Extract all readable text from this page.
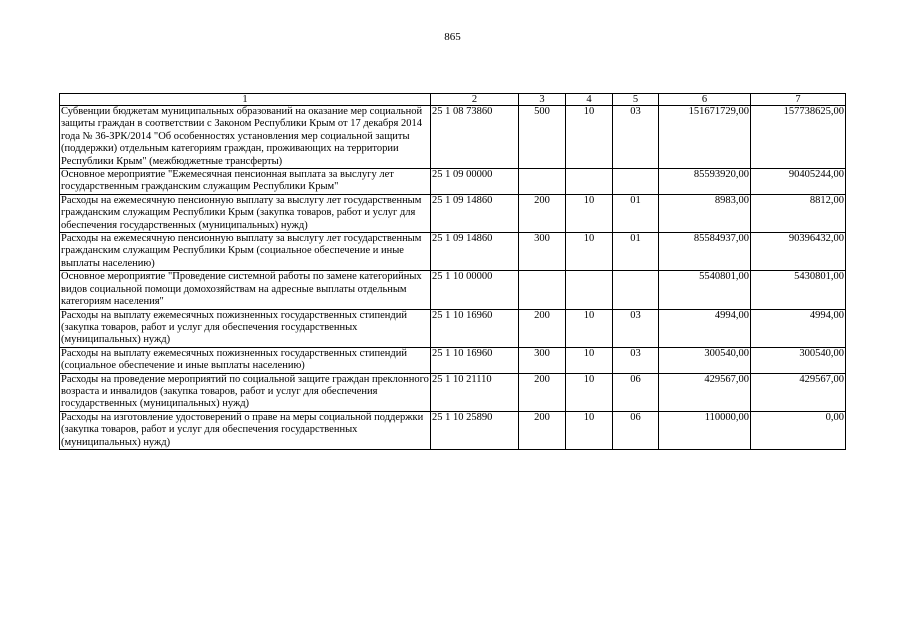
865
1	2	3	4	5	6	7
Субвенции бюджетам муниципальных образований на оказание мер социальной защиты граждан в соответствии с Законом Республики Крым от 17 декабря 2014 года № 36-ЗРК/2014 "Об особенностях установления мер социальной защиты (поддержки) отдельным категориям граждан, проживающих на территории Республики Крым" (межбюджетные трансферты)	25 1 08 73860	500	10	03	151671729,00	157738625,00
Основное мероприятие "Ежемесячная пенсионная выплата за выслугу лет государственным гражданским служащим Республики Крым"	25 1 09 00000				85593920,00	90405244,00
Расходы на ежемесячную пенсионную выплату за выслугу лет государственным гражданским служащим Республики Крым (закупка товаров, работ и услуг для обеспечения государственных (муниципальных) нужд)	25 1 09 14860	200	10	01	8983,00	8812,00
Расходы на ежемесячную пенсионную выплату за выслугу лет государственным гражданским служащим Республики Крым (социальное обеспечение и иные выплаты населению)	25 1 09 14860	300	10	01	85584937,00	90396432,00
Основное мероприятие "Проведение системной работы по замене категорийных видов социальной помощи домохозяйствам на адресные выплаты отдельным категориям населения"	25 1 10 00000				5540801,00	5430801,00
Расходы на выплату ежемесячных пожизненных государственных стипендий (закупка товаров, работ и услуг для обеспечения государственных (муниципальных) нужд)	25 1 10 16960	200	10	03	4994,00	4994,00
Расходы на выплату ежемесячных пожизненных государственных стипендий (социальное обеспечение и иные выплаты населению)	25 1 10 16960	300	10	03	300540,00	300540,00
Расходы на проведение мероприятий по социальной защите граждан преклонного возраста и инвалидов (закупка товаров, работ и услуг для обеспечения государственных (муниципальных) нужд)	25 1 10 21110	200	10	06	429567,00	429567,00
Расходы на изготовление удостоверений о праве на меры социальной поддержки (закупка товаров, работ и услуг для обеспечения государственных (муниципальных) нужд)	25 1 10 25890	200	10	06	110000,00	0,00
